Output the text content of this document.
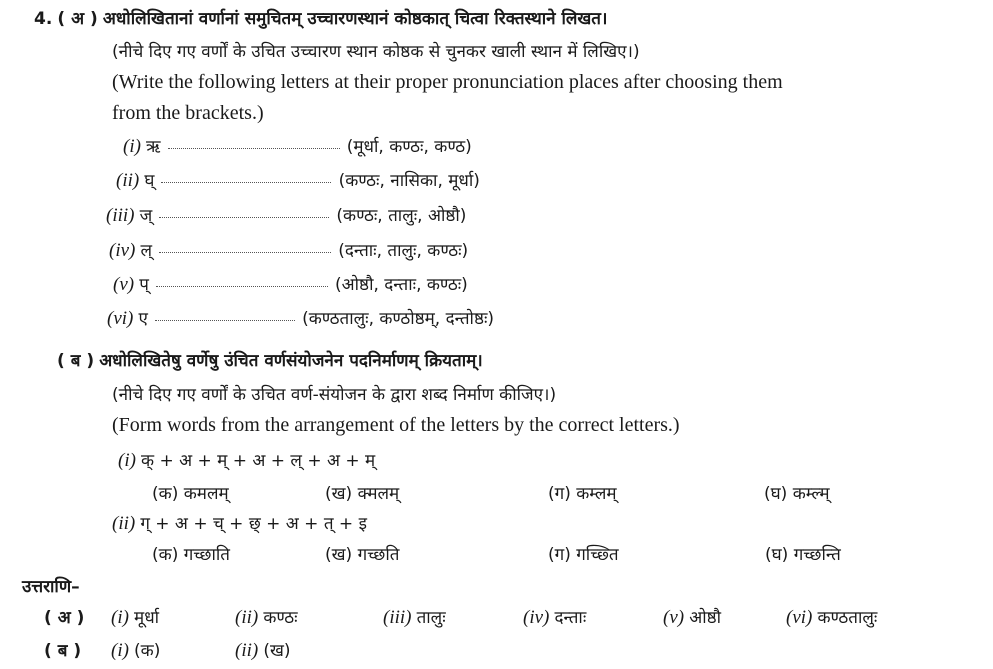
4. ( अ ) अधोलिखितानां वर्णानां समुचितम् उच्चारणस्थानं कोष्ठकात् चित्वा रिक्तस्थाने लिखत।
(नीचे दिए गए वर्णों के उचित उच्चारण स्थान कोष्ठक से चुनकर खाली स्थान में लिखिए।)
(Write the following letters at their proper pronunciation places after choosing them
from the brackets.)
(i) ऋ	(मूर्धा, कण्ठः, कण्ठ)
(ii) घ्	(कण्ठः, नासिका, मूर्धा)
(iii) ज्	(कण्ठः, तालुः, ओष्ठौ)
(iv) ल्	(दन्ताः, तालुः, कण्ठः)
(v) प्	(ओष्ठौ, दन्ताः, कण्ठः)
(vi) ए	(कण्ठतालुः, कण्ठोष्ठम्, दन्तोष्ठः)
( ब ) अधोलिखितेषु वर्णेषु उंचित वर्णसंयोजनेन पदनिर्माणम् क्रियताम्।
(नीचे दिए गए वर्णों के उचित वर्ण-संयोजन के द्वारा शब्द निर्माण कीजिए।)
(Form words from the arrangement of the letters by the correct letters.)
(i) क् + अ + म् + अ + ल् + अ + म्
(क) कमलम्	(ख) क्मलम्	(ग) कम्लम्	(घ) कम्ल्म्
(ii) ग् + अ + च् + छ् + अ + त् + इ
(क) गच्छाति	(ख) गच्छति	(ग) गच्छ्ति	(घ) गच्छन्ति
उत्तराणि–
( अ ) (i) मूर्धा	(ii) कण्ठः	(iii) तालुः	(iv) दन्ताः	(v) ओष्ठौ	(vi) कण्ठतालुः
( ब ) (i) (क)	(ii) (ख)
